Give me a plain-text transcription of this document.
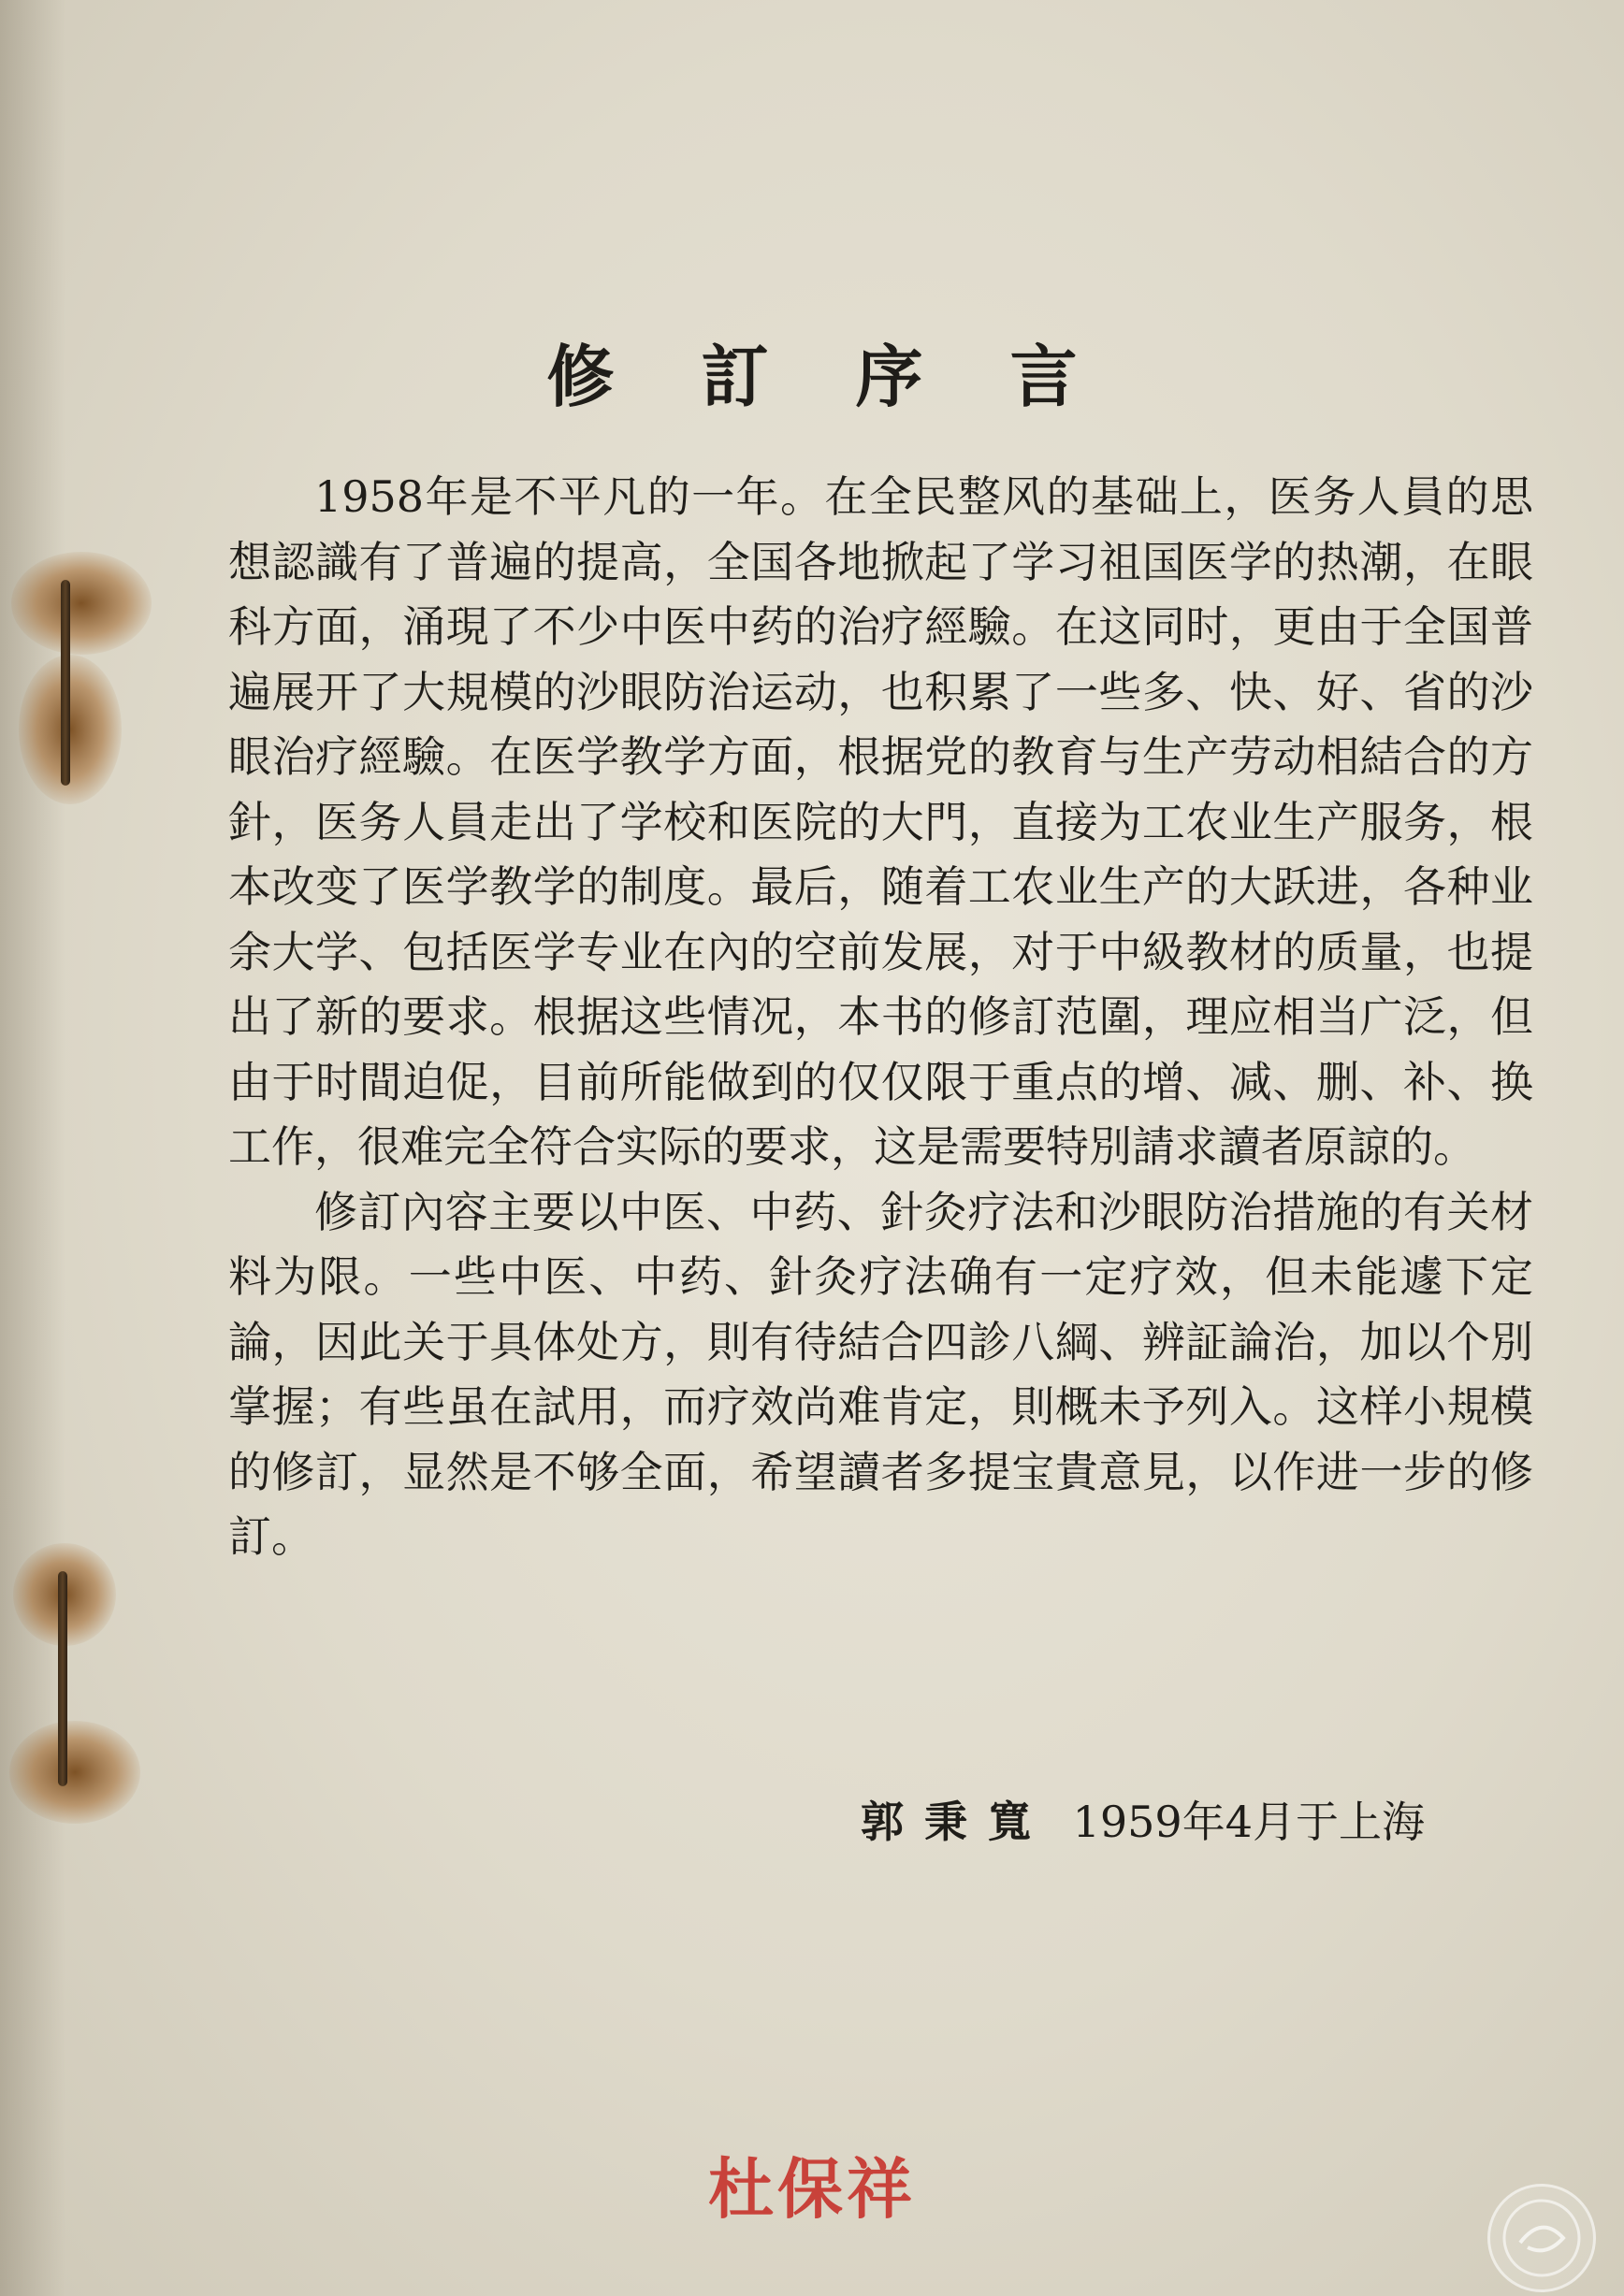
修 訂 序 言

1958年是不平凡的一年。在全民整风的基础上，医务人員的思想認識有了普遍的提高，全国各地掀起了学习祖国医学的热潮，在眼科方面，涌現了不少中医中药的治疗經驗。在这同时，更由于全国普遍展开了大規模的沙眼防治运动，也积累了一些多、快、好、省的沙眼治疗經驗。在医学教学方面，根据党的教育与生产劳动相結合的方針，医务人員走出了学校和医院的大門，直接为工农业生产服务，根本改变了医学教学的制度。最后，随着工农业生产的大跃进，各种业余大学、包括医学专业在內的空前发展，对于中級教材的质量，也提出了新的要求。根据这些情况，本书的修訂范圍，理应相当广泛，但由于时間迫促，目前所能做到的仅仅限于重点的增、减、删、补、换工作，很难完全符合实际的要求，这是需要特別請求讀者原諒的。

修訂內容主要以中医、中药、針灸疗法和沙眼防治措施的有关材料为限。一些中医、中药、針灸疗法确有一定疗效，但未能遽下定論，因此关于具体处方，則有待結合四診八綱、辨証論治，加以个別掌握；有些虽在試用，而疗效尚难肯定，則概未予列入。这样小規模的修訂，显然是不够全面，希望讀者多提宝貴意見，以作进一步的修訂。

郭秉寬 1959年4月于上海
杜保祥
